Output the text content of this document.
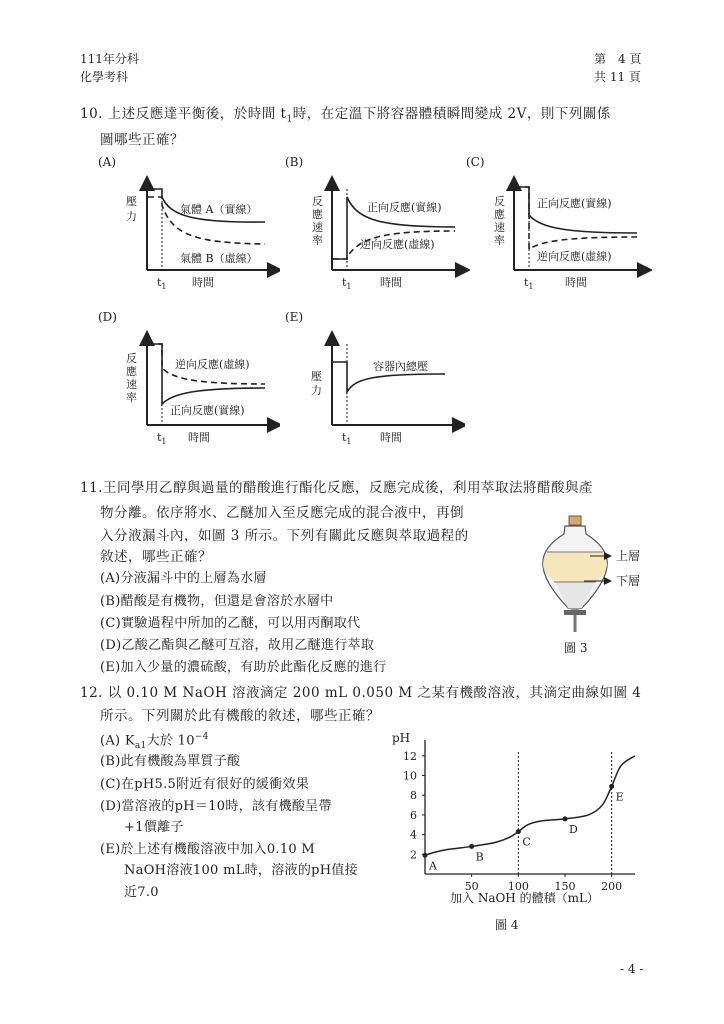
111年分科
化學考科
第　4 頁
共 11 頁
10. 上述反應達平衡後，於時間 $t_1$時，在定溫下將容器體積瞬間變成 2V，則下列關係
圖哪些正確？
(A)	(B)	(C)
(D)	(E)
壓
力
氣體 A（實線）
氣體 B（虛線）
$t_1$ 時間
反應速率
正向反應(實線)
逆向反應(虛線)
$t_1$	時間
反應速率
正向反應(實線)
逆向反應(虛線)
$t_1$	時間
反應速率
逆向反應(虛線)
正向反應(實線)
$t_1$ 時間
壓
力
容器內總壓
$t_1$	時間
11.王同學用乙醇與過量的醋酸進行酯化反應，反應完成後，利用萃取法將醋酸與產
物分離。依序將水、乙醚加入至反應完成的混合液中，再倒
入分液漏斗內，如圖 3 所示。下列有關此反應與萃取過程的
敘述，哪些正確？
(A)分液漏斗中的上層為水層
(B)醋酸是有機物，但還是會溶於水層中
(C)實驗過程中所加的乙醚，可以用丙酮取代
(D)乙酸乙酯與乙醚可互溶，故用乙醚進行萃取
(E)加入少量的濃硫酸，有助於此酯化反應的進行
上層
下層
圖 3
12. 以 0.10 M NaOH 溶液滴定 200 mL 0.050 M 之某有機酸溶液，其滴定曲線如圖 4
所示。下列關於此有機酸的敘述，哪些正確？
(A) $K_{a1}$大於 $10^{-4}$
(B)此有機酸為單質子酸
(C)在pH5.5附近有很好的緩衝效果
(D)當溶液的pH＝10時，該有機酸呈帶
+1價離子
(E)於上述有機酸溶液中加入0.10 M
NaOH溶液100 mL時，溶液的pH值接
近7.0
2
4
6
8
10
12
50	100 150 200
A
B
C
D
E
pH
加入 NaOH 的體積（mL）
圖 4
- 4 -
